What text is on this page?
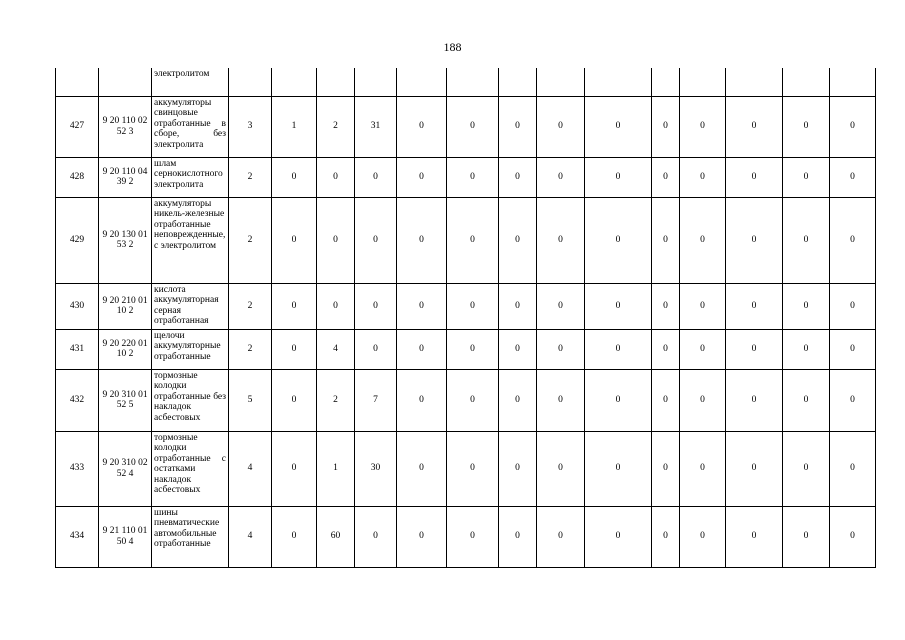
188
		электролитом														
427	9 20 110 02 52 3	аккумуляторы свинцовые отработанные в сборе, без электролита	3	1	2	31	0	0	0	0	0	0	0	0	0	0
428	9 20 110 04 39 2	шлам сернокислотного электролита	2	0	0	0	0	0	0	0	0	0	0	0	0	0
429	9 20 130 01 53 2	аккумуляторы никель-железные отработанные неповрежденные, с электролитом	2	0	0	0	0	0	0	0	0	0	0	0	0	0
430	9 20 210 01 10 2	кислота аккумуляторная серная отработанная	2	0	0	0	0	0	0	0	0	0	0	0	0	0
431	9 20 220 01 10 2	щелочи аккумуляторные отработанные	2	0	4	0	0	0	0	0	0	0	0	0	0	0
432	9 20 310 01 52 5	тормозные колодки отработанные без накладок асбестовых	5	0	2	7	0	0	0	0	0	0	0	0	0	0
433	9 20 310 02 52 4	тормозные колодки отработанные с остатками накладок асбестовых	4	0	1	30	0	0	0	0	0	0	0	0	0	0
434	9 21 110 01 50 4	шины пневматические автомобильные отработанные	4	0	60	0	0	0	0	0	0	0	0	0	0	0
